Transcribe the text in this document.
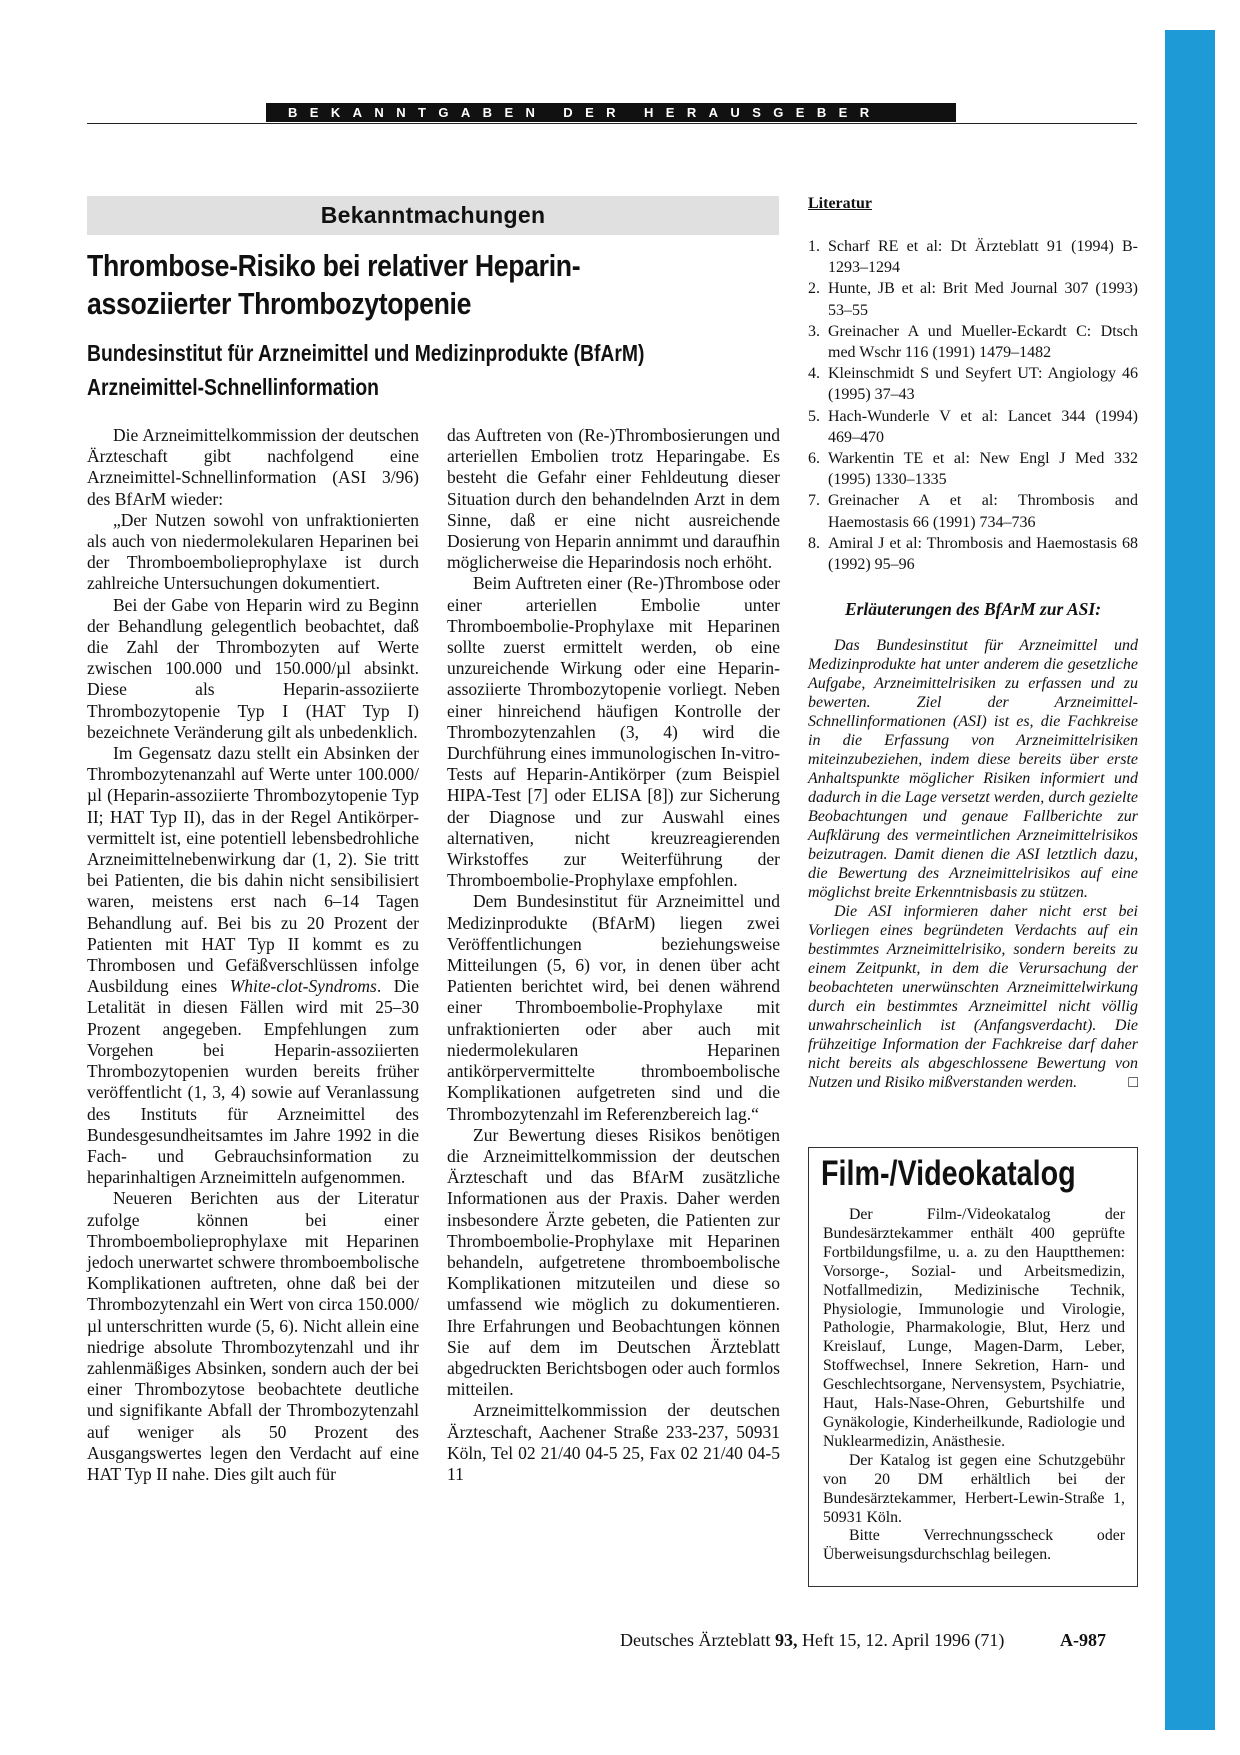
BEKANNTGABEN DER HERAUSGEBER
Bekanntmachungen
Thrombose-Risiko bei relativer Heparin-
assoziierter Thrombozytopenie
Bundesinstitut für Arzneimittel und Medizinprodukte (BfArM)
Arzneimittel-Schnellinformation

Die Arzneimittelkommission der deutschen Ärzteschaft gibt nachfolgend eine Arzneimittel-Schnellinformation (ASI 3/96) des BfArM wieder:

„Der Nutzen sowohl von unfraktionierten als auch von niedermolekularen Heparinen bei der Thromboembolieprophylaxe ist durch zahlreiche Untersuchungen dokumentiert.

Bei der Gabe von Heparin wird zu Beginn der Behandlung gelegentlich beobachtet, daß die Zahl der Thrombozyten auf Werte zwischen 100.000 und 150.000/µl absinkt. Diese als Heparin-assoziierte Thrombozytopenie Typ I (HAT Typ I) bezeichnete Veränderung gilt als unbedenklich.

Im Gegensatz dazu stellt ein Absinken der Thrombozytenanzahl auf Werte unter 100.000/µl (Heparin-assoziierte Thrombozytopenie Typ II; HAT Typ II), das in der Regel Antikörper-vermittelt ist, eine potentiell lebensbedrohliche Arzneimittelnebenwirkung dar (1, 2). Sie tritt bei Patienten, die bis dahin nicht sensibilisiert waren, meistens erst nach 6–14 Tagen Behandlung auf. Bei bis zu 20 Prozent der Patienten mit HAT Typ II kommt es zu Thrombosen und Gefäßverschlüssen infolge Ausbildung eines White-clot-Syndroms. Die Letalität in diesen Fällen wird mit 25–30 Prozent angegeben. Empfehlungen zum Vorgehen bei Heparin-assoziierten Thrombozytopenien wurden bereits früher veröffentlicht (1, 3, 4) sowie auf Veranlassung des Instituts für Arzneimittel des Bundesgesundheitsamtes im Jahre 1992 in die Fach- und Gebrauchsinformation zu heparinhaltigen Arzneimitteln aufgenommen.

Neueren Berichten aus der Literatur zufolge können bei einer Thromboembolieprophylaxe mit Heparinen jedoch unerwartet schwere thromboembolische Komplikationen auftreten, ohne daß bei der Thrombozytenzahl ein Wert von circa 150.000/µl unterschritten wurde (5, 6). Nicht allein eine niedrige absolute Thrombozytenzahl und ihr zahlenmäßiges Absinken, sondern auch der bei einer Thrombozytose beobachtete deutliche und signifikante Abfall der Thrombozytenzahl auf weniger als 50 Prozent des Ausgangswertes legen den Verdacht auf eine HAT Typ II nahe. Dies gilt auch für

das Auftreten von (Re-)Thrombosierungen und arteriellen Embolien trotz Heparingabe. Es besteht die Gefahr einer Fehldeutung dieser Situation durch den behandelnden Arzt in dem Sinne, daß er eine nicht ausreichende Dosierung von Heparin annimmt und daraufhin möglicherweise die Heparindosis noch erhöht.

Beim Auftreten einer (Re-)Thrombose oder einer arteriellen Embolie unter Thromboembolie-Prophylaxe mit Heparinen sollte zuerst ermittelt werden, ob eine unzureichende Wirkung oder eine Heparin-assoziierte Thrombozytopenie vorliegt. Neben einer hinreichend häufigen Kontrolle der Thrombozytenzahlen (3, 4) wird die Durchführung eines immunologischen In-vitro-Tests auf Heparin-Antikörper (zum Beispiel HIPA-Test [7] oder ELISA [8]) zur Sicherung der Diagnose und zur Auswahl eines alternativen, nicht kreuzreagierenden Wirkstoffes zur Weiterführung der Thromboembolie-Prophylaxe empfohlen.

Dem Bundesinstitut für Arzneimittel und Medizinprodukte (BfArM) liegen zwei Veröffentlichungen beziehungsweise Mitteilungen (5, 6) vor, in denen über acht Patienten berichtet wird, bei denen während einer Thromboembolie-Prophylaxe mit unfraktionierten oder aber auch mit niedermolekularen Heparinen antikörpervermittelte thromboembolische Komplikationen aufgetreten sind und die Thrombozytenzahl im Referenzbereich lag.“

Zur Bewertung dieses Risikos benötigen die Arzneimittelkommission der deutschen Ärzteschaft und das BfArM zusätzliche Informationen aus der Praxis. Daher werden insbesondere Ärzte gebeten, die Patienten zur Thromboembolie-Prophylaxe mit Heparinen behandeln, aufgetretene thromboembolische Komplikationen mitzuteilen und diese so umfassend wie möglich zu dokumentieren. Ihre Erfahrungen und Beobachtungen können Sie auf dem im Deutschen Ärzteblatt abgedruckten Berichtsbogen oder auch formlos mitteilen.

Arzneimittelkommission der deutschen Ärzteschaft, Aachener Straße 233-237, 50931 Köln, Tel 02 21/40 04-5 25, Fax 02 21/40 04-5 11

Literatur
1. Scharf RE et al: Dt Ärzteblatt 91 (1994) B-1293–1294
2. Hunte, JB et al: Brit Med Journal 307 (1993) 53–55
3. Greinacher A und Mueller-Eckardt C: Dtsch med Wschr 116 (1991) 1479–1482
4. Kleinschmidt S und Seyfert UT: Angiology 46 (1995) 37–43
5. Hach-Wunderle V et al: Lancet 344 (1994) 469–470
6. Warkentin TE et al: New Engl J Med 332 (1995) 1330–1335
7. Greinacher A et al: Thrombosis and Haemostasis 66 (1991) 734–736
8. Amiral J et al: Thrombosis and Haemostasis 68 (1992) 95–96
Erläuterungen des BfArM zur ASI:

Das Bundesinstitut für Arzneimittel und Medizinprodukte hat unter anderem die gesetzliche Aufgabe, Arzneimittelrisiken zu erfassen und zu bewerten. Ziel der Arzneimittel-Schnellinformationen (ASI) ist es, die Fachkreise in die Erfassung von Arzneimittelrisiken miteinzubeziehen, indem diese bereits über erste Anhaltspunkte möglicher Risiken informiert und dadurch in die Lage versetzt werden, durch gezielte Beobachtungen und genaue Fallberichte zur Aufklärung des vermeintlichen Arzneimittelrisikos beizutragen. Damit dienen die ASI letztlich dazu, die Bewertung des Arzneimittelrisikos auf eine möglichst breite Erkenntnisbasis zu stützen.

Die ASI informieren daher nicht erst bei Vorliegen eines begründeten Verdachts auf ein bestimmtes Arzneimittelrisiko, sondern bereits zu einem Zeitpunkt, in dem die Verursachung der beobachteten unerwünschten Arzneimittelwirkung durch ein bestimmtes Arzneimittel nicht völlig unwahrscheinlich ist (Anfangsverdacht). Die frühzeitige Information der Fachkreise darf daher nicht bereits als abgeschlossene Bewertung von Nutzen und Risiko mißverstanden werden.	□

Film-/Videokatalog

Der Film-/Videokatalog der Bundesärztekammer enthält 400 geprüfte Fortbildungsfilme, u. a. zu den Hauptthemen: Vorsorge-, Sozial- und Arbeitsmedizin, Notfallmedizin, Medizinische Technik, Physiologie, Immunologie und Virologie, Pathologie, Pharmakologie, Blut, Herz und Kreislauf, Lunge, Magen-Darm, Leber, Stoffwechsel, Innere Sekretion, Harn- und Geschlechtsorgane, Nervensystem, Psychiatrie, Haut, Hals-Nase-Ohren, Geburtshilfe und Gynäkologie, Kinderheilkunde, Radiologie und Nuklearmedizin, Anästhesie.

Der Katalog ist gegen eine Schutzgebühr von 20 DM erhältlich bei der Bundesärztekammer, Herbert-Lewin-Straße 1, 50931 Köln.

Bitte Verrechnungsscheck oder Überweisungsdurchschlag beilegen.

Deutsches Ärzteblatt 93, Heft 15, 12. April 1996 (71)	A-987
